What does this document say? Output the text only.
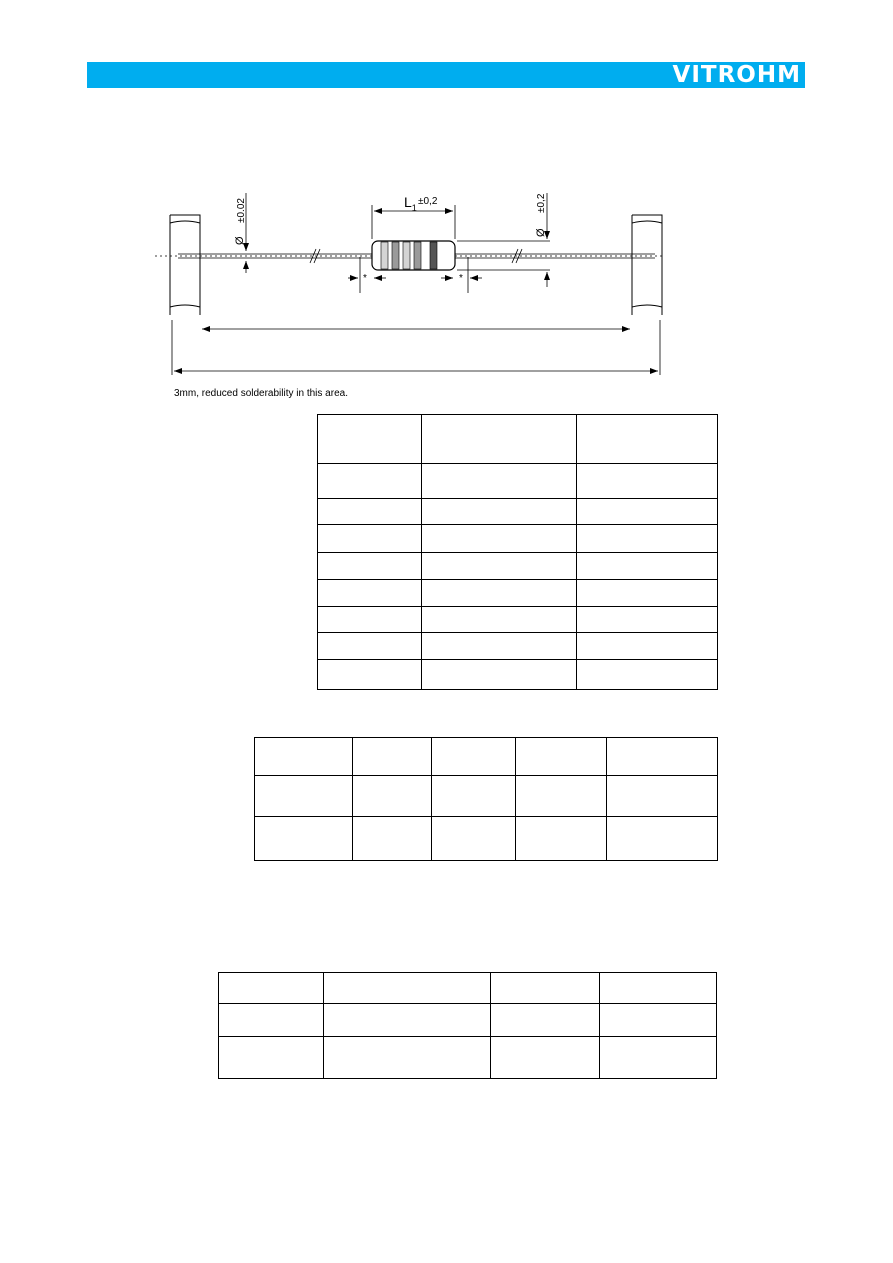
VITROHM
$L_1$
±0,2
Ø
±0.02
Ø
±0,2
*	*
3mm, reduced solderability in this area.
